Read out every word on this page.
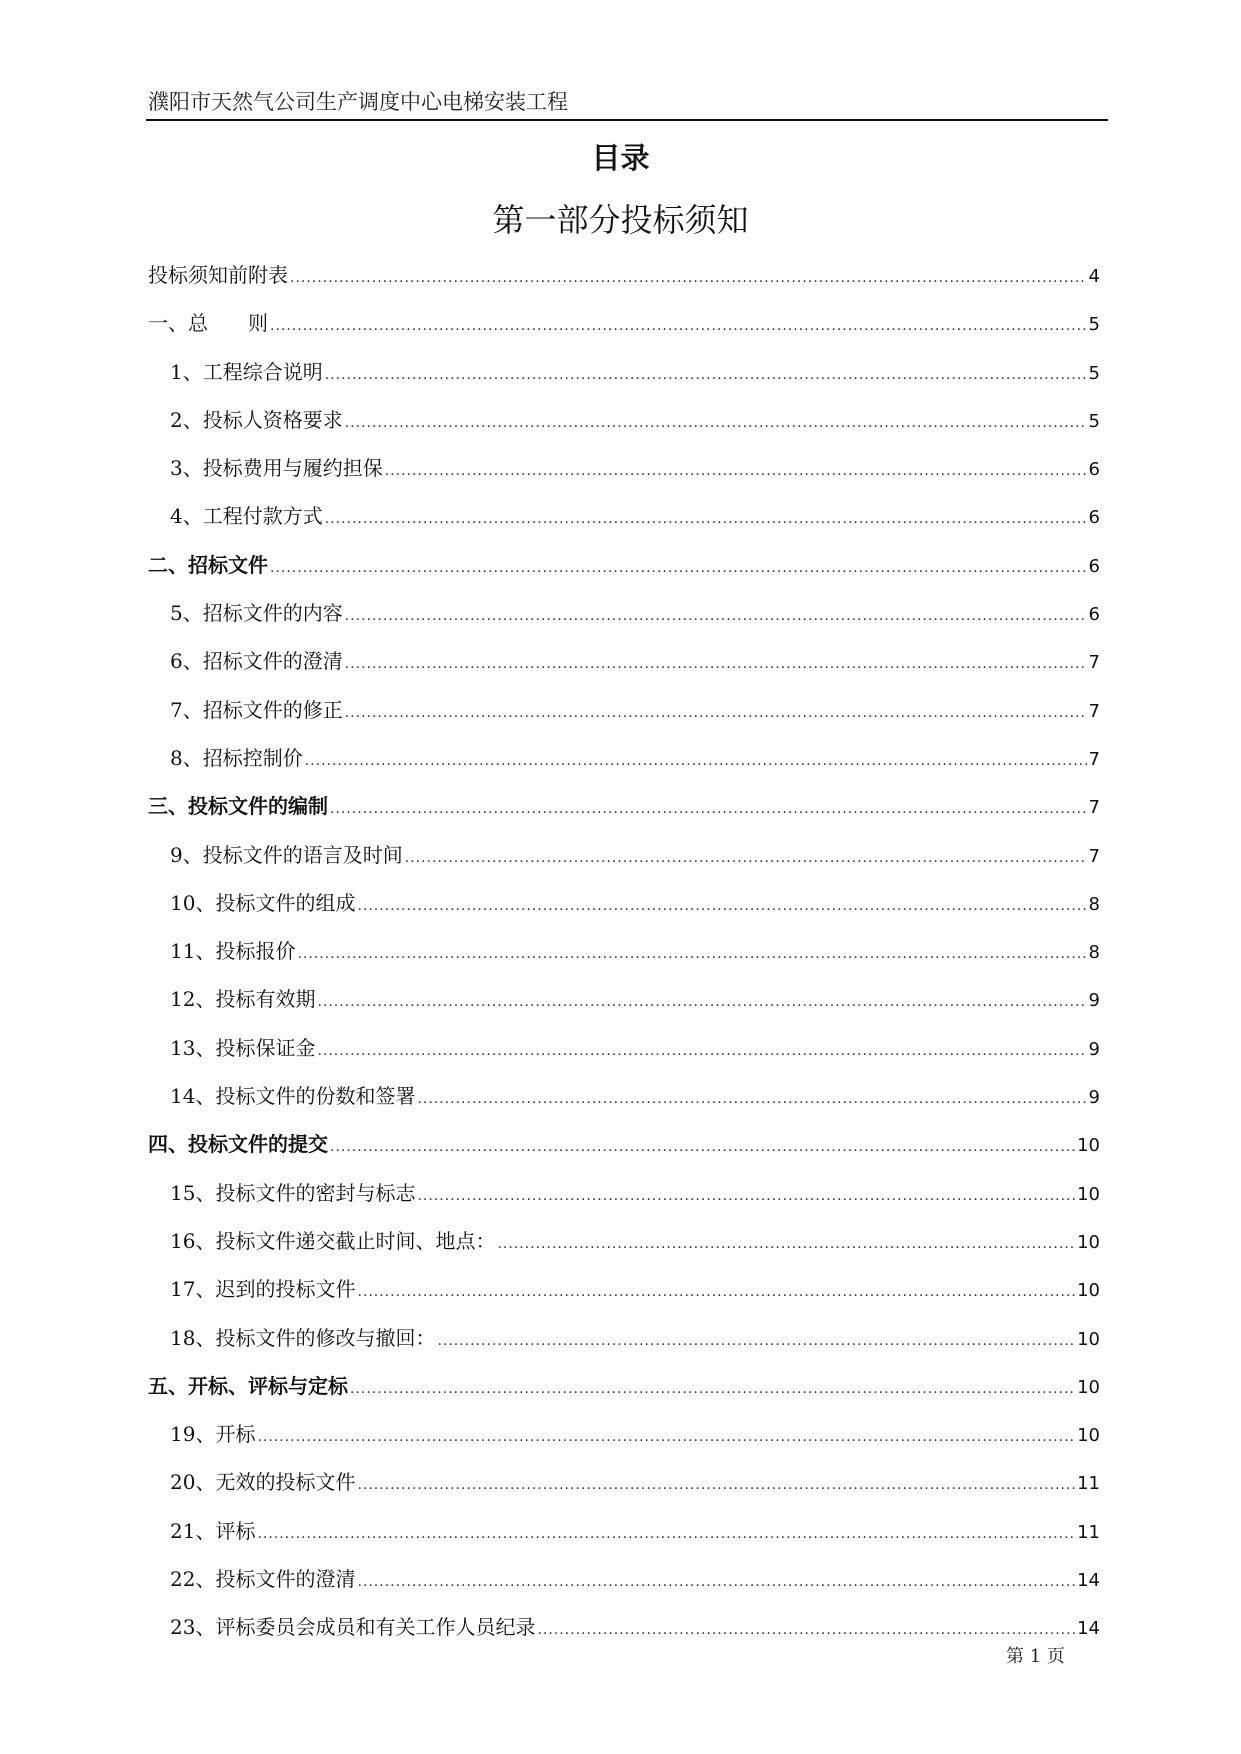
濮阳市天然气公司生产调度中心电梯安装工程
目录
第一部分投标须知
投标须知前附表 .....	4
一、总　　则 .....	5
1、工程综合说明 .....	5
2、投标人资格要求 .....	5
3、投标费用与履约担保 .....	6
4、工程付款方式 .....	6
二、招标文件 .....	6
5、招标文件的内容 .....	6
6、招标文件的澄清 .....	7
7、招标文件的修正 .....	7
8、招标控制价 .....	7
三、投标文件的编制 .....	7
9、投标文件的语言及时间 .....	7
10、投标文件的组成 .....	8
11、投标报价 .....	8
12、投标有效期 .....	9
13、投标保证金 .....	9
14、投标文件的份数和签署 .....	9
四、投标文件的提交 .....	10
15、投标文件的密封与标志 .....	10
16、投标文件递交截止时间、地点： .....	10
17、迟到的投标文件 .....	10
18、投标文件的修改与撤回： .....	10
五、开标、评标与定标 .....	10
19、开标 .....	10
20、无效的投标文件 .....	11
21、评标 .....	11
22、投标文件的澄清 .....	14
23、评标委员会成员和有关工作人员纪录 .....	14
第 1 页
